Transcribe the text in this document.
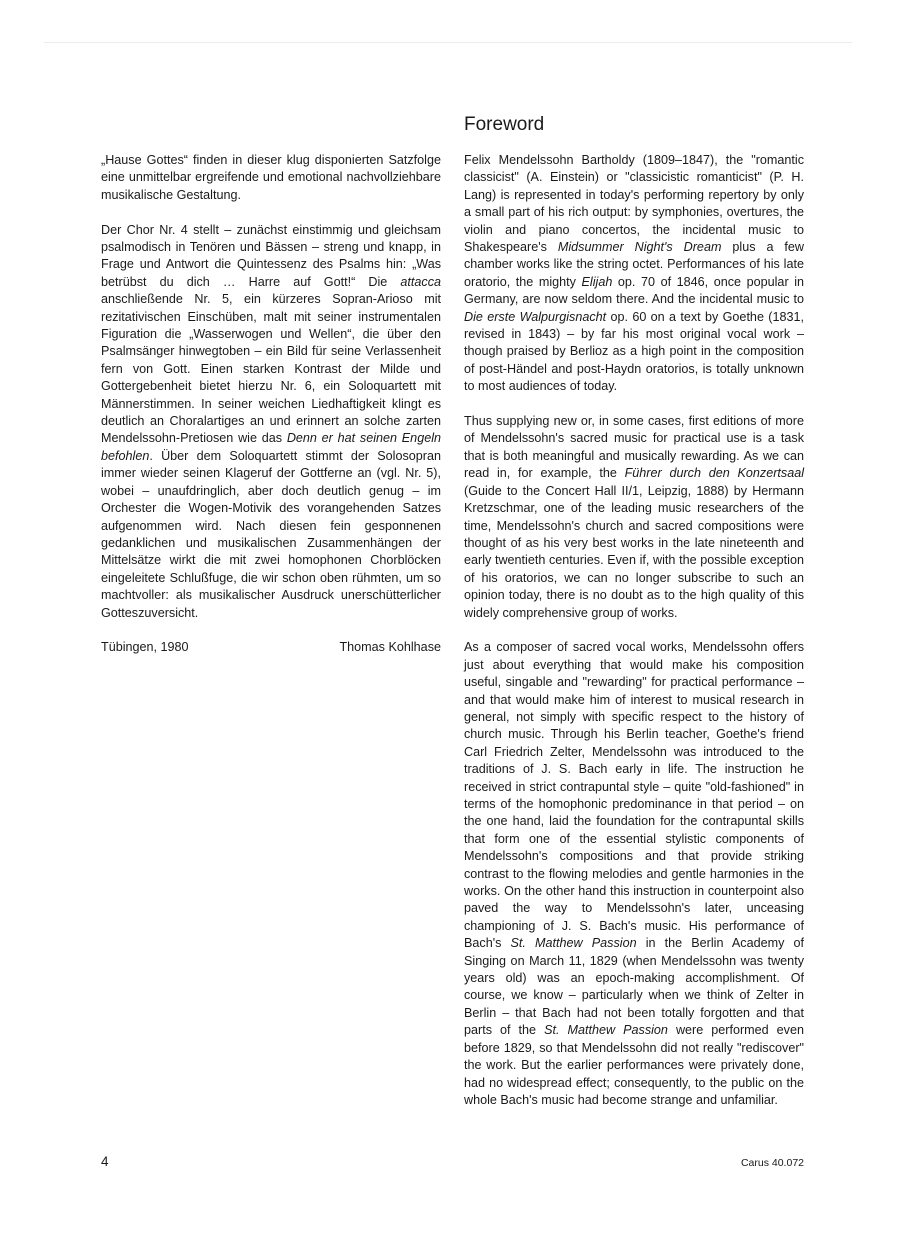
„Hause Gottes“ finden in dieser klug disponierten Satzfolge eine unmittelbar ergreifende und emotional nachvollziehbare musikalische Gestaltung.

Der Chor Nr. 4 stellt – zunächst einstimmig und gleichsam psalmodisch in Tenören und Bässen – streng und knapp, in Frage und Antwort die Quintessenz des Psalms hin: „Was betrübst du dich … Harre auf Gott!“ Die attacca anschließende Nr. 5, ein kürzeres Sopran-Arioso mit rezitativischen Einschüben, malt mit seiner instrumentalen Figuration die „Wasserwogen und Wellen“, die über den Psalmsänger hinwegtoben – ein Bild für seine Verlassenheit fern von Gott. Einen starken Kontrast der Milde und Gottergebenheit bietet hierzu Nr. 6, ein Soloquartett mit Männerstimmen. In seiner weichen Liedhaftigkeit klingt es deutlich an Choralartiges an und erinnert an solche zarten Mendelssohn-Pretiosen wie das Denn er hat seinen Engeln befohlen. Über dem Soloquartett stimmt der Solosopran immer wieder seinen Klageruf der Gottferne an (vgl. Nr. 5), wobei – unaufdringlich, aber doch deutlich genug – im Orchester die Wogen-Motivik des vorangehenden Satzes aufgenommen wird. Nach diesen fein gesponnenen gedanklichen und musikalischen Zusammenhängen der Mittelsätze wirkt die mit zwei homophonen Chorblöcken eingeleitete Schlußfuge, die wir schon oben rühmten, um so machtvoller: als musikalischer Ausdruck unerschütterlicher Gotteszuversicht.

Tübingen, 1980	Thomas Kohlhase
Foreword

Felix Mendelssohn Bartholdy (1809–1847), the "romantic classicist" (A. Einstein) or "classicistic romanticist" (P. H. Lang) is represented in today's performing repertory by only a small part of his rich output: by symphonies, overtures, the violin and piano concertos, the incidental music to Shakespeare's Midsummer Night's Dream plus a few chamber works like the string octet. Performances of his late oratorio, the mighty Elijah op. 70 of 1846, once popular in Germany, are now seldom there. And the incidental music to Die erste Walpurgisnacht op. 60 on a text by Goethe (1831, revised in 1843) – by far his most original vocal work – though praised by Berlioz as a high point in the composition of post-Händel and post-Haydn oratorios, is totally unknown to most audiences of today.

Thus supplying new or, in some cases, first editions of more of Mendelssohn's sacred music for practical use is a task that is both meaningful and musically rewarding. As we can read in, for example, the Führer durch den Konzertsaal (Guide to the Concert Hall II/1, Leipzig, 1888) by Hermann Kretzschmar, one of the leading music researchers of the time, Mendelssohn's church and sacred compositions were thought of as his very best works in the late nineteenth and early twentieth centuries. Even if, with the possible exception of his oratorios, we can no longer subscribe to such an opinion today, there is no doubt as to the high quality of this widely comprehensive group of works.

As a composer of sacred vocal works, Mendelssohn offers just about everything that would make his composition useful, singable and "rewarding" for practical performance – and that would make him of interest to musical research in general, not simply with specific respect to the history of church music. Through his Berlin teacher, Goethe's friend Carl Friedrich Zelter, Mendelssohn was introduced to the traditions of J. S. Bach early in life. The instruction he received in strict contrapuntal style – quite "old-fashioned" in terms of the homophonic predominance in that period – on the one hand, laid the foundation for the contrapuntal skills that form one of the essential stylistic components of Mendelssohn's compositions and that provide striking contrast to the flowing melodies and gentle harmonies in the works. On the other hand this instruction in counterpoint also paved the way to Mendelssohn's later, unceasing championing of J. S. Bach's music. His performance of Bach's St. Matthew Passion in the Berlin Academy of Singing on March 11, 1829 (when Mendelssohn was twenty years old) was an epoch-making accomplishment. Of course, we know – particularly when we think of Zelter in Berlin – that Bach had not been totally forgotten and that parts of the St. Matthew Passion were performed even before 1829, so that Mendelssohn did not really "rediscover" the work. But the earlier performances were privately done, had no widespread effect; consequently, to the public on the whole Bach's music had become strange and unfamiliar.

4	Carus 40.072
